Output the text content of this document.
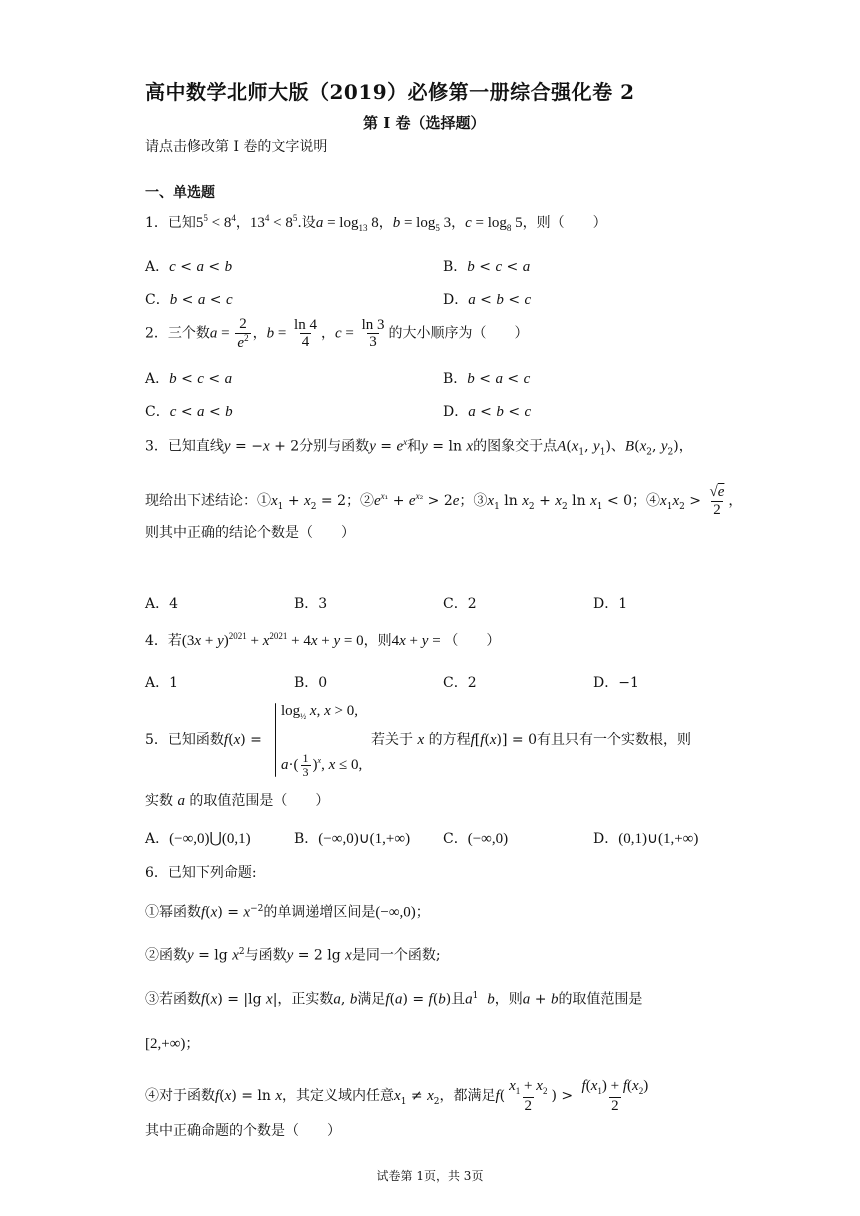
高中数学北师大版（2019）必修第一册综合强化卷 2
第 I 卷（选择题）
请点击修改第 I 卷的文字说明
一、单选题
1．已知$5^5 < 8^4$，$13^4 < 8^5$.设$a = \log_{13} 8$，$b = \log_5 3$，$c = \log_8 5$，则（　　）
A．c < a < b	B．b < c < a
C．b < a < c	D．a < b < c
2．三个数$a = \frac{2}{e^2}$ ，$b = \frac{\ln 4}{4}$ ，$c = \frac{\ln 3}{3}$ 的大小顺序为（　　）
A．b < c < a	B．b < a < c
C．c < a < b	D．a < b < c
3．已知直线y = −x + 2分别与函数$y = e^x$和y = ln x的图象交于点$A(x_1$, $y_1$)、$B(x_2$, $y_2$)，
现给出下述结论：$①x_1 + x_2 = 2$；$②e^{x_1} + e^{x_2} > 2e$；$③x_1$ $\ln x_2 + x_2$ $\ln x_1 < 0$；$④x_1x_2 > \frac{√e}{2}$ ，
则其中正确的结论个数是（　　）
A．4	B．3	C．2	D．1
4．若$(3x + y)^{2021} + x^{2021} + 4x + y = 0$，则4x + y = （　　）
A．1	B．0	C．2	D．−1
5．已知函数f(x) =
$\log_{\frac{1}{2}} x$, x > 0,
$a\cdot( \frac{1}{3} )^x$, x ≤ 0,
若关于 x 的方程f[f(x)] = 0有且只有一个实数根，则
实数 a 的取值范围是（　　）
A．(−∞,0)⋃(0,1)	B．(−∞,0)∪(1,+∞) C．(−∞,0)	D．(0,1)∪(1,+∞)
6．已知下列命题:
①幂函数$f(x) = x^{-2}$的单调递增区间是(−∞,0)；
②函数$y = \lg x^2$与函数y = 2 lg x是同一个函数;
③若函数f(x) = |lg x|，正实数a, b满足f(a) = f(b)且$a^1$ b，则a + b的取值范围是
[2,+∞)；
④对于函数f(x) = ln x，其定义域内任意$x_1 \ne x_2$，都满足$f( \frac{x_1 + x_2}{2}$ ) > $\frac{f(x_1) + f(x_2)}{2}$
其中正确命题的个数是（　　）
试卷第 1页，共 3页
